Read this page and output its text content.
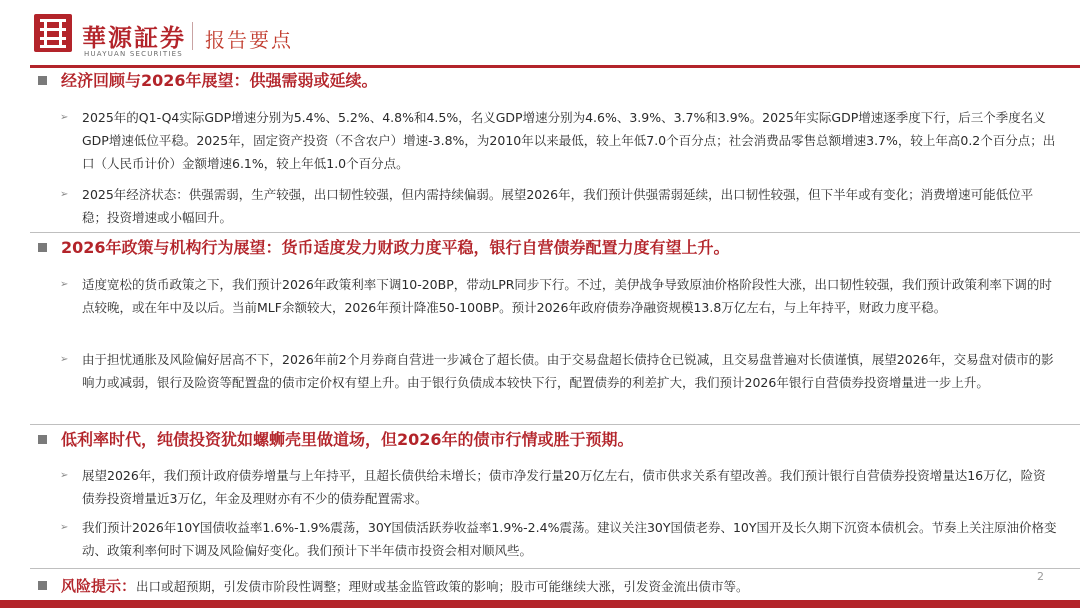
華源証券
HUAYUAN SECURITIES
报告要点
经济回顾与2026年展望：供强需弱或延续。
➢ 2025年的Q1-Q4实际GDP增速分别为5.4%、5.2%、4.8%和4.5%，名义GDP增速分别为4.6%、3.9%、3.7%和3.9%。2025年实际GDP增速逐季度下行，后三个季度名义GDP增速低位平稳。2025年，固定资产投资（不含农户）增速-3.8%，为2010年以来最低，较上年低7.0个百分点；社会消费品零售总额增速3.7%，较上年高0.2个百分点；出口（人民币计价）金额增速6.1%，较上年低1.0个百分点。
➢ 2025年经济状态：供强需弱，生产较强，出口韧性较强，但内需持续偏弱。展望2026年，我们预计供强需弱延续，出口韧性较强，但下半年或有变化；消费增速可能低位平稳；投资增速或小幅回升。
2026年政策与机构行为展望：货币适度发力财政力度平稳，银行自营债券配置力度有望上升。
➢ 适度宽松的货币政策之下，我们预计2026年政策利率下调10-20BP，带动LPR同步下行。不过，美伊战争导致原油价格阶段性大涨，出口韧性较强，我们预计政策利率下调的时点较晚，或在年中及以后。当前MLF余额较大，2026年预计降准50-100BP。预计2026年政府债券净融资规模13.8万亿左右，与上年持平，财政力度平稳。
➢ 由于担忧通胀及风险偏好居高不下，2026年前2个月券商自营进一步减仓了超长债。由于交易盘超长债持仓已锐减，且交易盘普遍对长债谨慎，展望2026年，交易盘对债市的影响力或减弱，银行及险资等配置盘的债市定价权有望上升。由于银行负债成本较快下行，配置债券的利差扩大，我们预计2026年银行自营债券投资增量进一步上升。
低利率时代，纯债投资犹如螺蛳壳里做道场，但2026年的债市行情或胜于预期。
➢ 展望2026年，我们预计政府债券增量与上年持平，且超长债供给未增长；债市净发行量20万亿左右，债市供求关系有望改善。我们预计银行自营债券投资增量达16万亿，险资债券投资增量近3万亿，年金及理财亦有不少的债券配置需求。
➢ 我们预计2026年10Y国债收益率1.6%-1.9%震荡，30Y国债活跃券收益率1.9%-2.4%震荡。建议关注30Y国债老券、10Y国开及长久期下沉资本债机会。节奏上关注原油价格变动、政策利率何时下调及风险偏好变化。我们预计下半年债市投资会相对顺风些。
2
风险提示：出口或超预期，引发债市阶段性调整；理财或基金监管政策的影响；股市可能继续大涨，引发资金流出债市等。
